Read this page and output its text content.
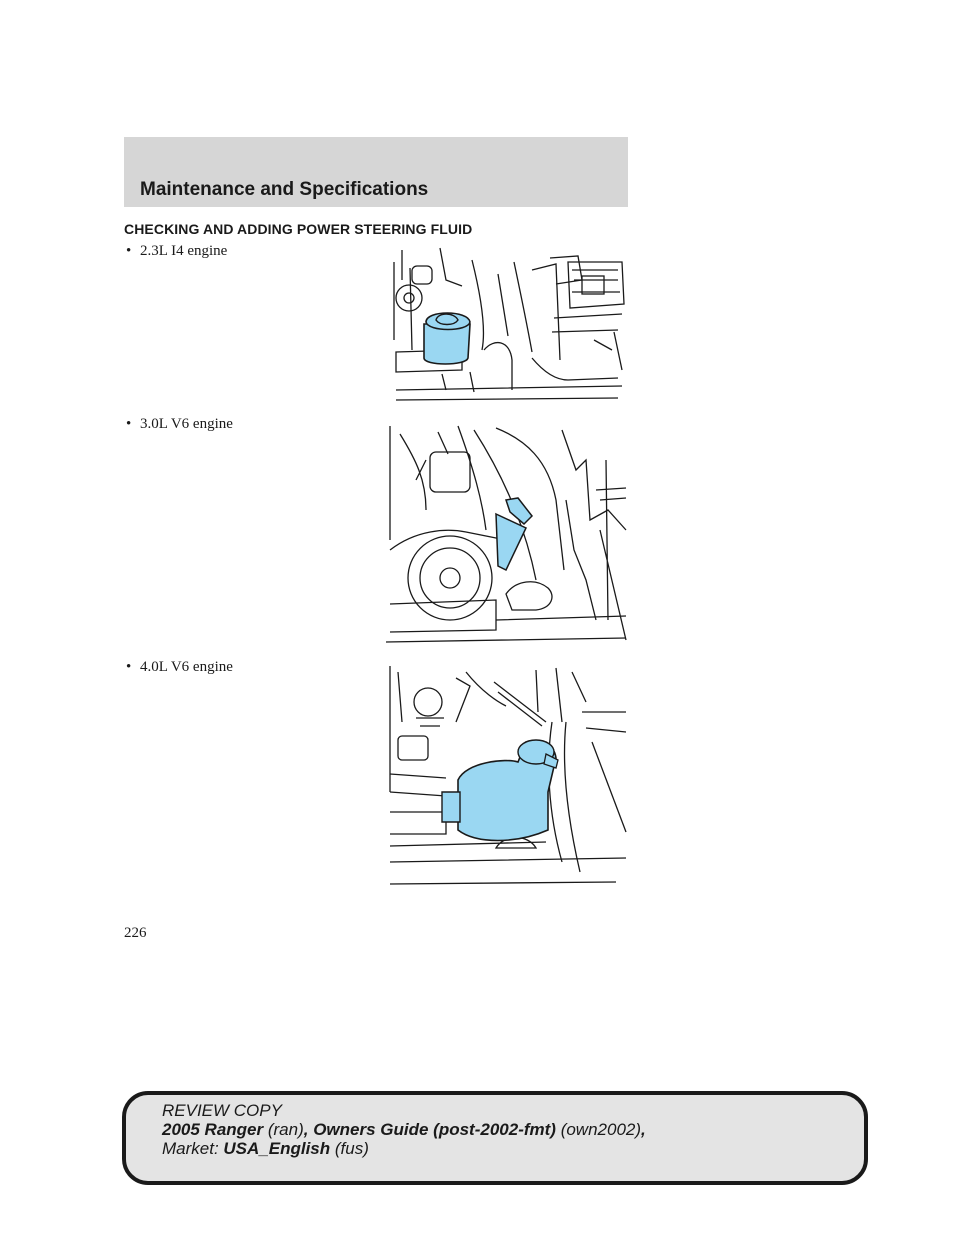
Maintenance and Specifications
CHECKING AND ADDING POWER STEERING FLUID
• 2.3L I4 engine
• 3.0L V6 engine
• 4.0L V6 engine
226
REVIEW COPY
2005 Ranger (ran), Owners Guide (post-2002-fmt) (own2002),
Market: USA_English (fus)
